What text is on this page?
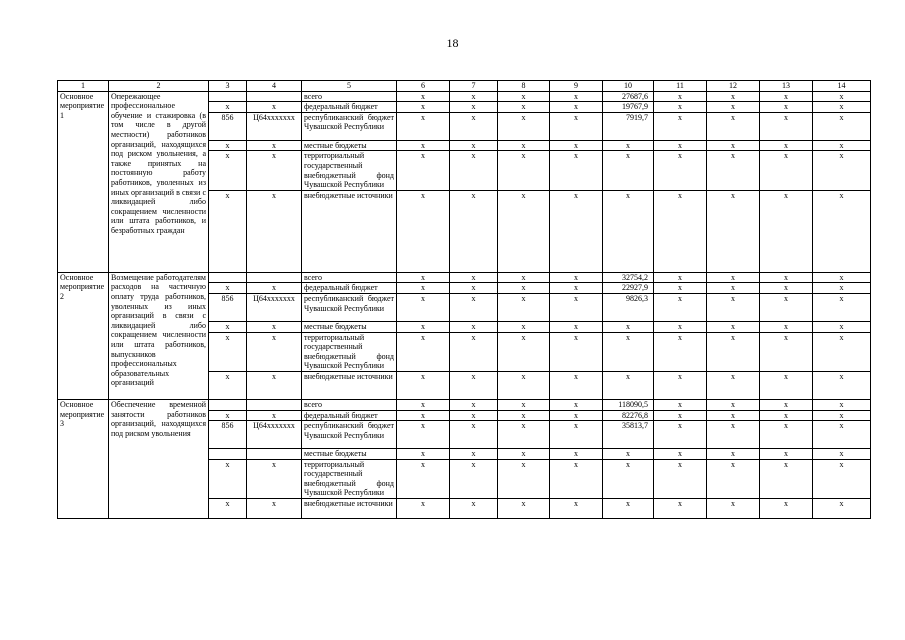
18
1	2	3	4	5	6	7	8	9	10	11	12	13	14
Основное мероприятие 1	Опережающее профессиональное обучение и стажировка (в том числе в другой местности) работников организаций, находящихся под риском увольнения, а также принятых на постоянную работу работников, уволенных из иных организаций в связи с ликвидацией либо сокращением численности или штата работников, и безработных граждан			всего	x	x	x	x	27687,6	x	x	x	x
		x	x	федеральный бюджет	x	x	x	x	19767,9	x	x	x	x
		856	Ц64xxxxxxx	республиканский бюджет Чувашской Республики	x	x	x	x	7919,7	x	x	x	x
		x	x	местные бюджеты	x	x	x	x	x	x	x	x	x
		x	x	территориальный государственный внебюджетный фонд Чувашской Республики	x	x	x	x	x	x	x	x	x
		x	x	внебюджетные источники	x	x	x	x	x	x	x	x	x
Основное мероприятие 2	Возмещение работодателям расходов на частичную оплату труда работников, уволенных из иных организаций в связи с ликвидацией либо сокращением численности или штата работников, выпускников профессиональных образовательных организаций			всего	x	x	x	x	32754,2	x	x	x	x
		x	x	федеральный бюджет	x	x	x	x	22927,9	x	x	x	x
		856	Ц64xxxxxxx	республиканский бюджет Чувашской Республики	x	x	x	x	9826,3	x	x	x	x
		x	x	местные бюджеты	x	x	x	x	x	x	x	x	x
		x	x	территориальный государственный внебюджетный фонд Чувашской Республики	x	x	x	x	x	x	x	x	x
		x	x	внебюджетные источники	x	x	x	x	x	x	x	x	x
Основное мероприятие 3	Обеспечение временной занятости работников организаций, находящихся под риском увольнения			всего	x	x	x	x	118090,5	x	x	x	x
		x	x	федеральный бюджет	x	x	x	x	82276,8	x	x	x	x
		856	Ц64xxxxxxx	республиканский бюджет Чувашской Республики	x	x	x	x	35813,7	x	x	x	x
				местные бюджеты	x	x	x	x	x	x	x	x	x
		x	x	территориальный государственный внебюджетный фонд Чувашской Республики	x	x	x	x	x	x	x	x	x
		x	x	внебюджетные источники	x	x	x	x	x	x	x	x	x
